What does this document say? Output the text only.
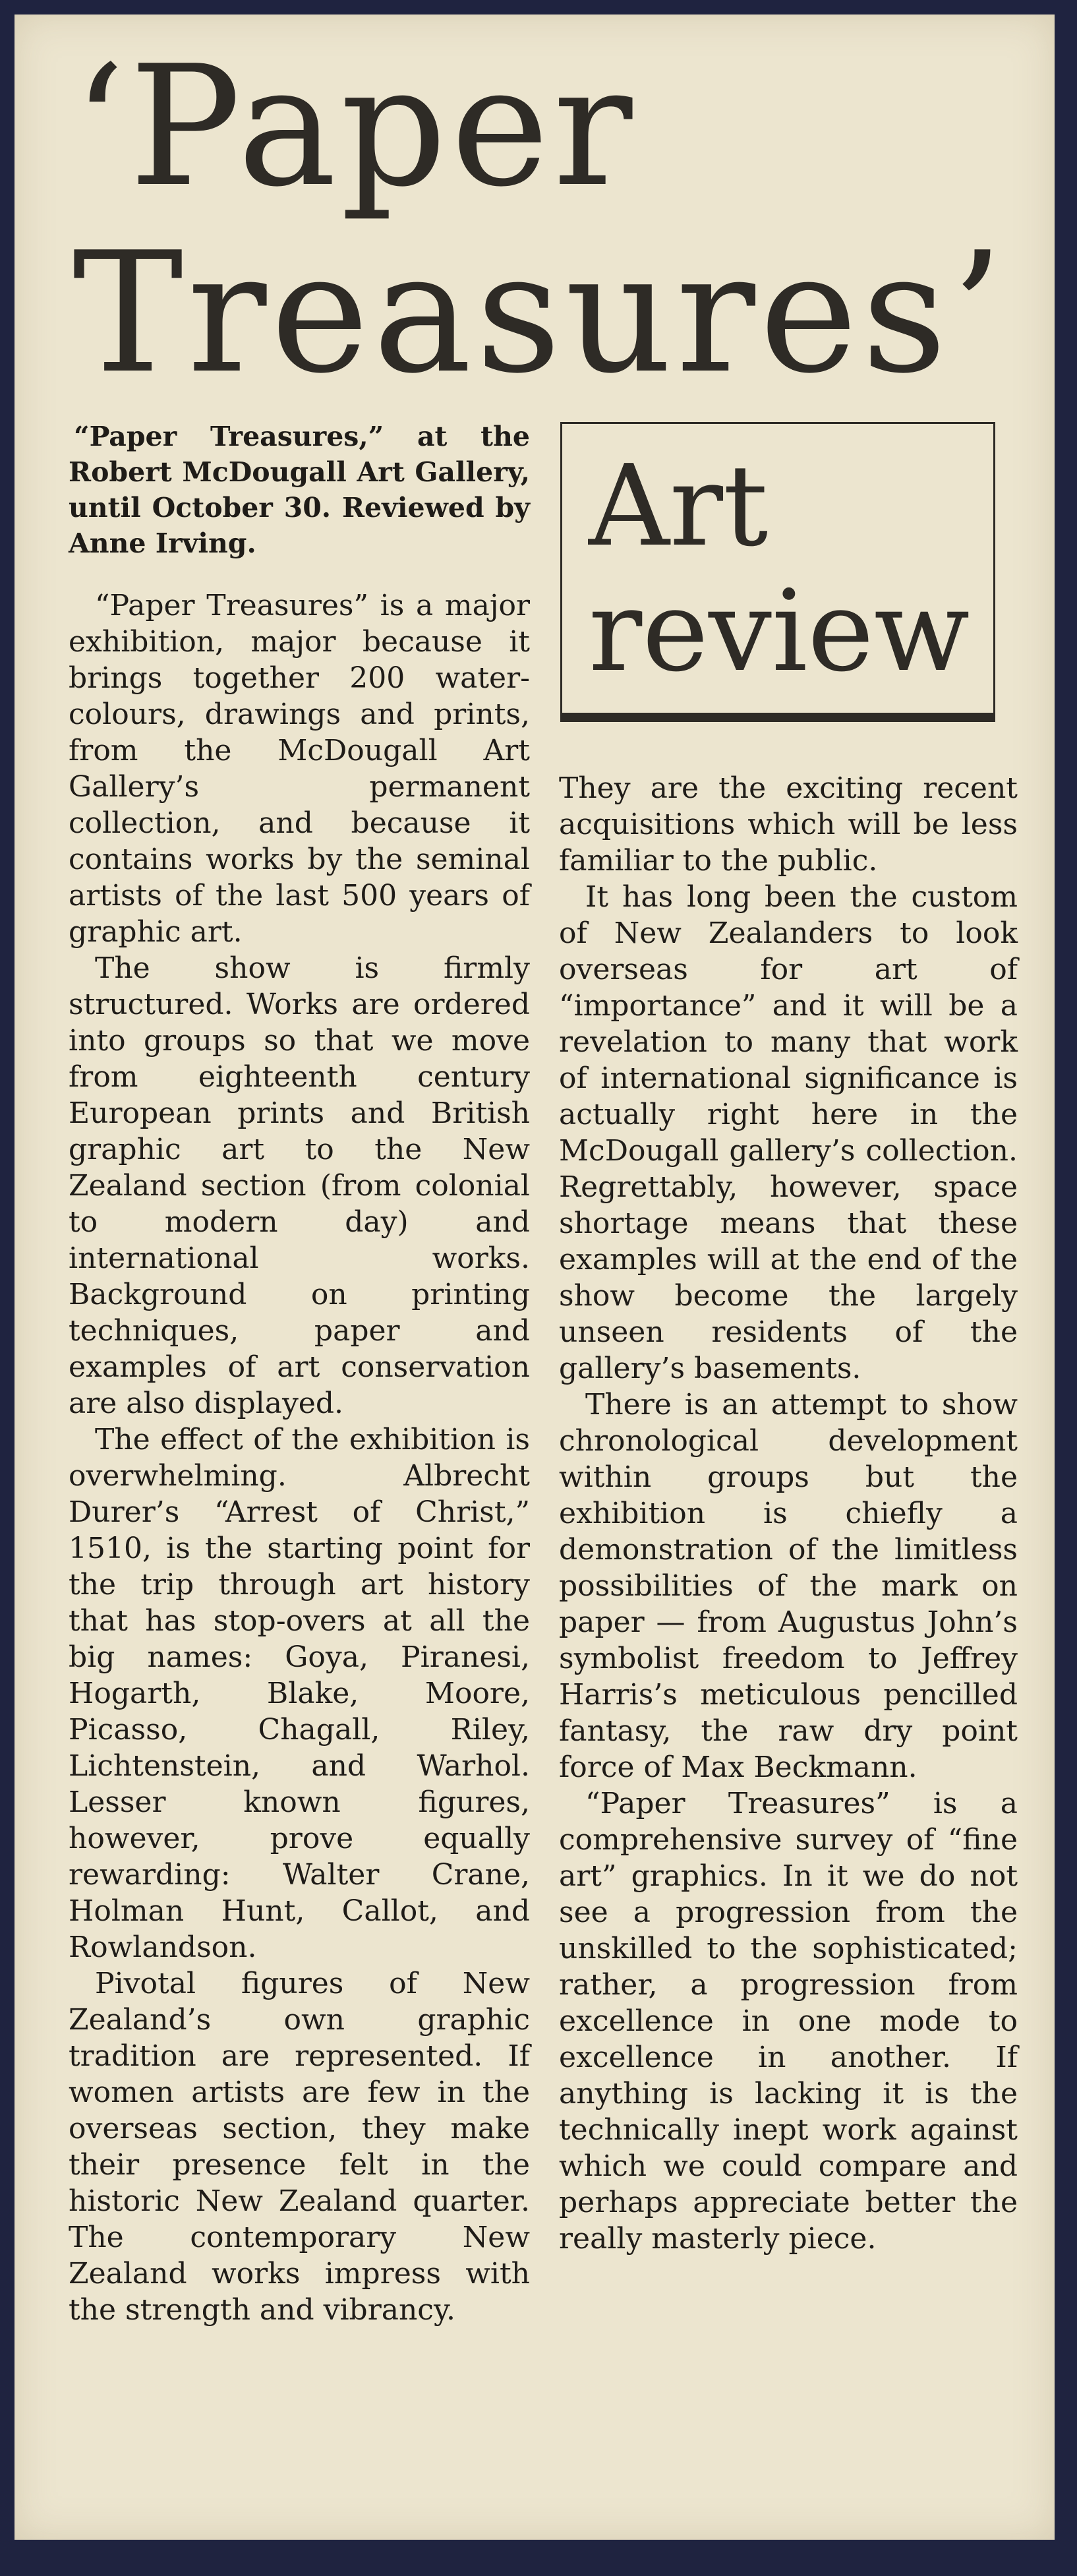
‘Paper
Treasures’

“Paper Treasures,” at the Robert McDougall Art Gallery, until October 30. Reviewed by Anne Irving.

“Paper Treasures” is a major exhibition, major because it brings together 200 water-colours, drawings and prints, from the McDougall Art Gallery’s permanent collection, and because it contains works by the seminal artists of the last 500 years of graphic art.

The show is firmly structured. Works are ordered into groups so that we move from eighteenth century European prints and British graphic art to the New Zealand section (from colonial to modern day) and international works. Background on printing techniques, paper and examples of art conservation are also displayed.

The effect of the exhibition is overwhelming. Albrecht Durer’s “Arrest of Christ,” 1510, is the starting point for the trip through art history that has stop-overs at all the big names: Goya, Piranesi, Hogarth, Blake, Moore, Picasso, Chagall, Riley, Lichtenstein, and Warhol. Lesser known figures, however, prove equally rewarding: Walter Crane, Holman Hunt, Callot, and Rowlandson.

Pivotal figures of New Zealand’s own graphic tradition are represented. If women artists are few in the overseas section, they make their presence felt in the historic New Zealand quarter. The contemporary New Zealand works impress with the strength and vibrancy.

Art
review

They are the exciting recent acquisitions which will be less familiar to the public.

It has long been the custom of New Zealanders to look overseas for art of “importance” and it will be a revelation to many that work of international significance is actually right here in the McDougall gallery’s collection. Regrettably, however, space shortage means that these examples will at the end of the show become the largely unseen residents of the gallery’s basements.

There is an attempt to show chronological development within groups but the exhibition is chiefly a demonstration of the limitless possibilities of the mark on paper — from Augustus John’s symbolist freedom to Jeffrey Harris’s meticulous pencilled fantasy, the raw dry point force of Max Beckmann.

“Paper Treasures” is a comprehensive survey of “fine art” graphics. In it we do not see a progression from the unskilled to the sophisticated; rather, a progression from excellence in one mode to excellence in another. If anything is lacking it is the technically inept work against which we could compare and perhaps appreciate better the really masterly piece.
